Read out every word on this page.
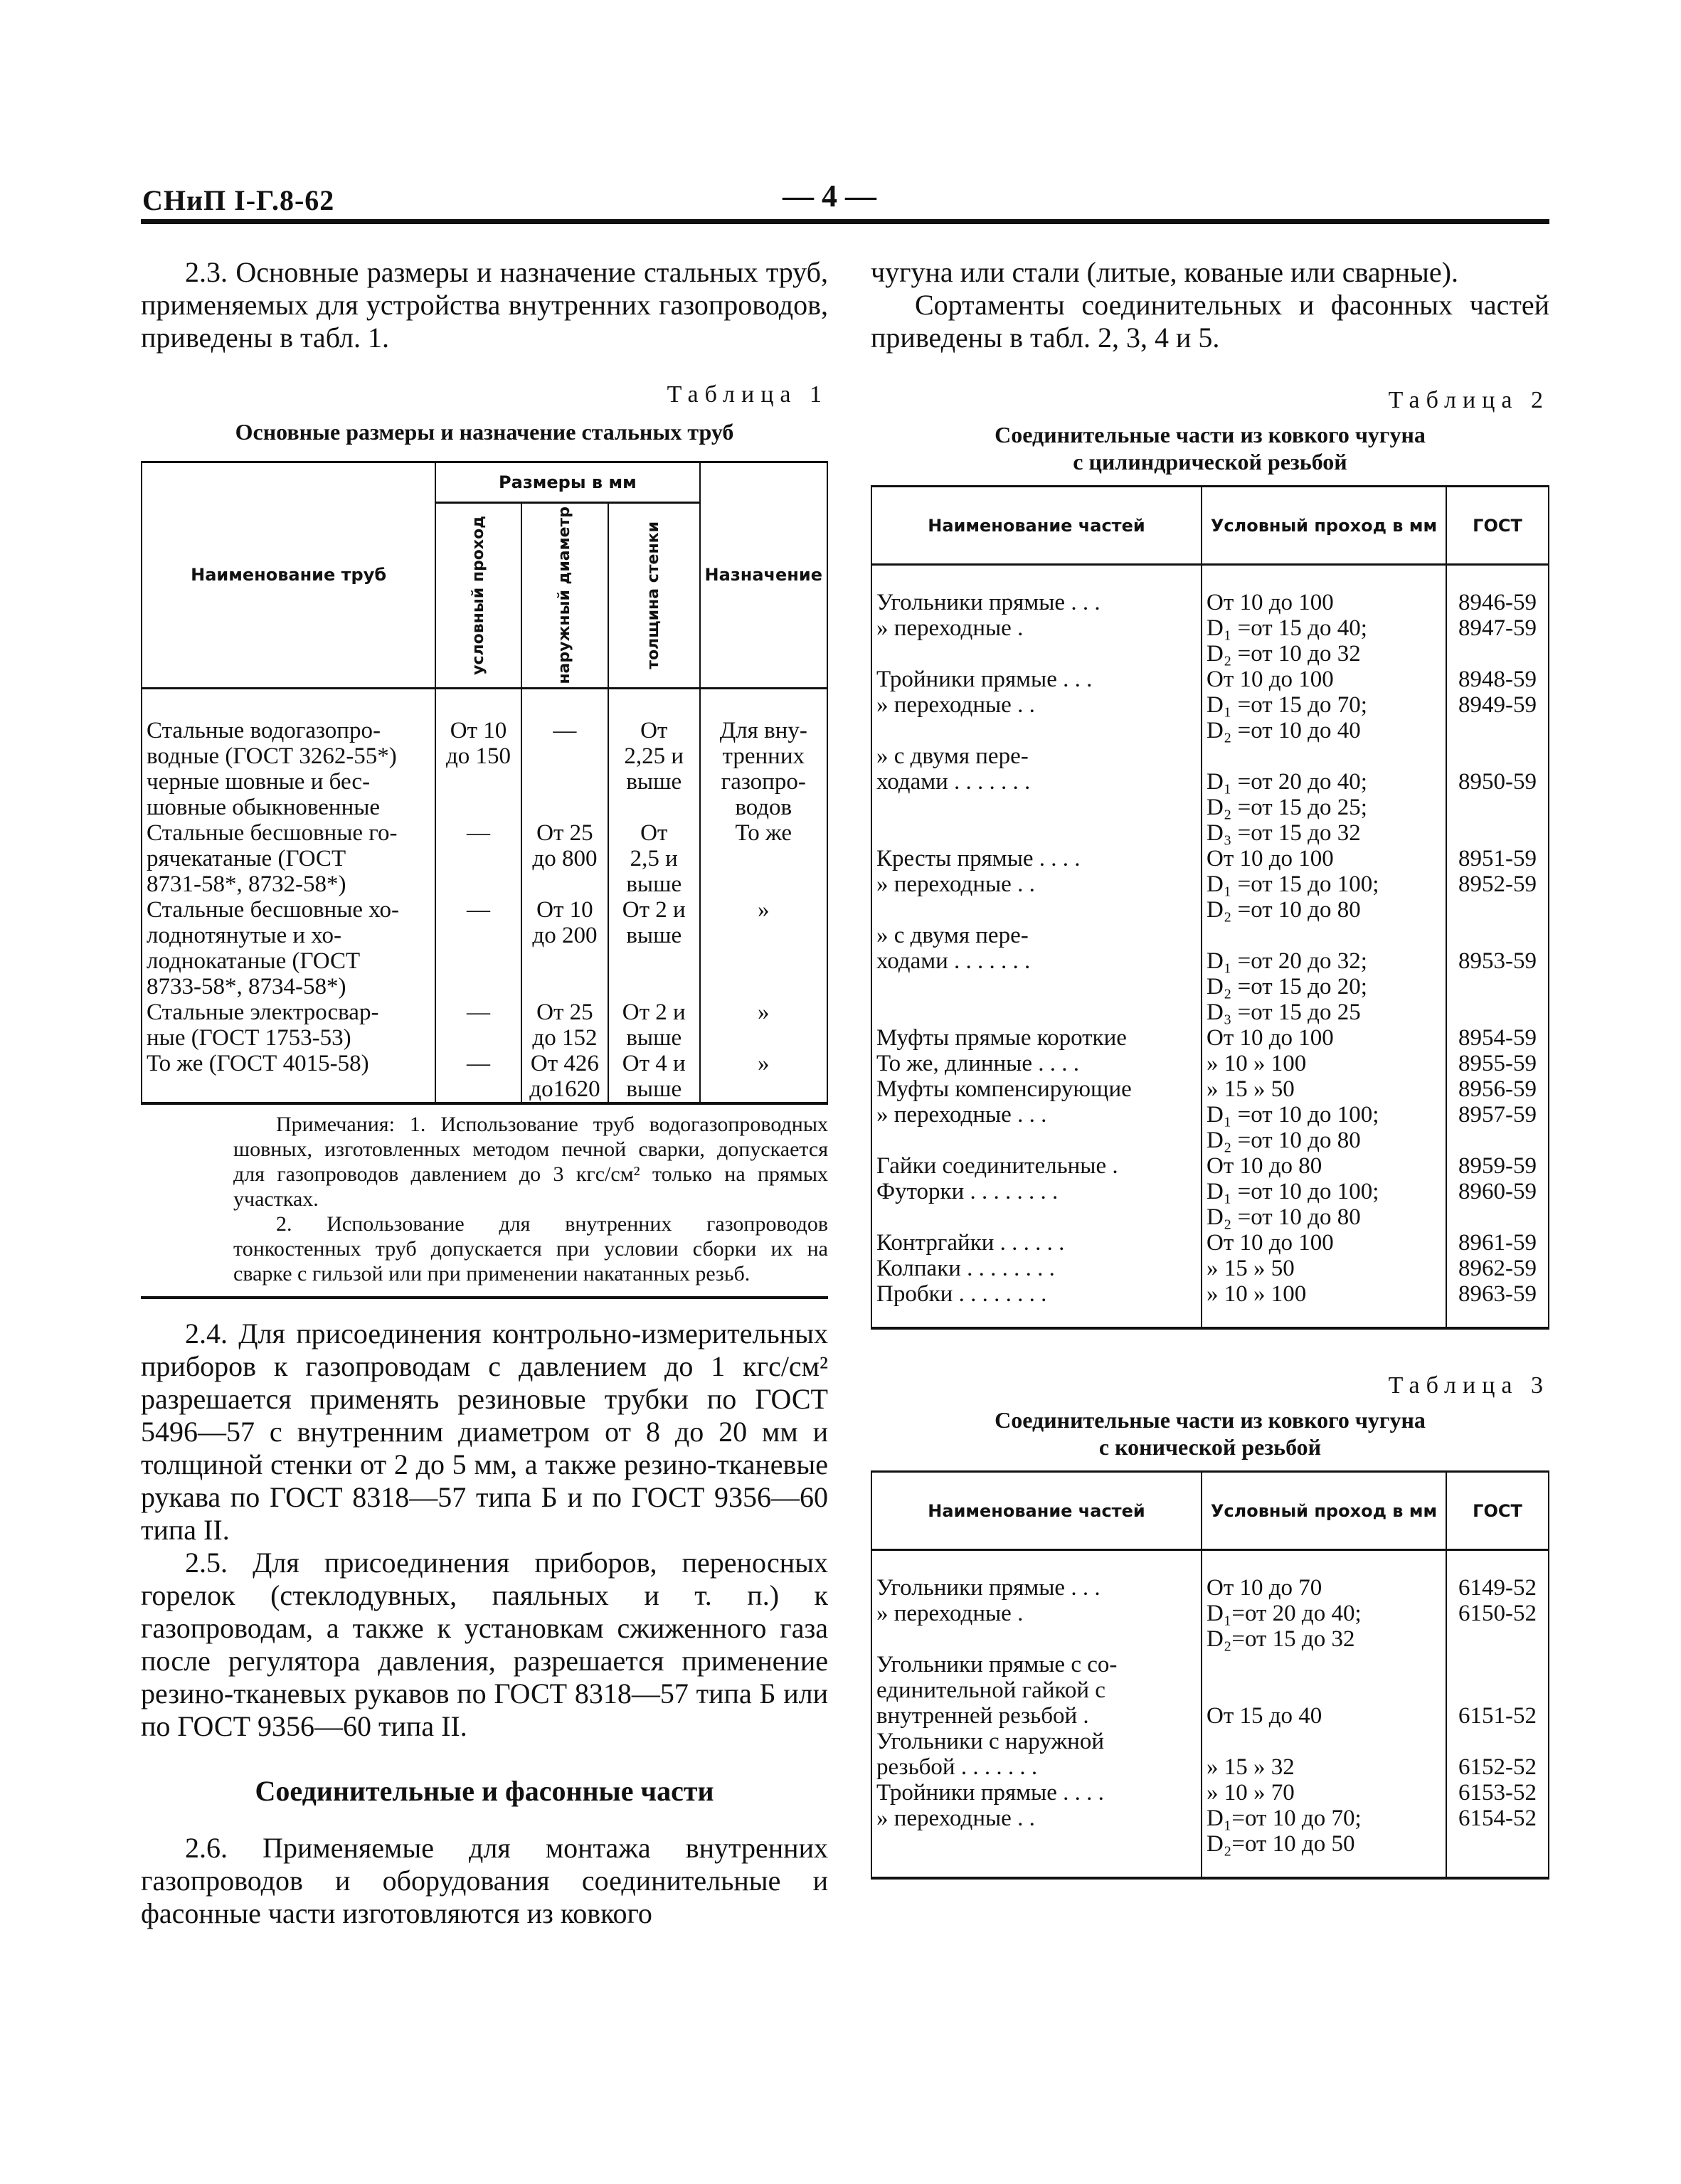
СНиП І-Г.8-62	— 4 —

2.3. Основные размеры и назначение стальных труб, применяемых для устройства внутренних газопроводов, приведены в табл. 1.

Таблица 1
Основные размеры и назначение стальных труб
Наименование труб	Размеры в мм			Назначение

	условный проход	наружный диаметр	толщина стенки	

Стальные водогазопро-
водные (ГОСТ 3262-55*)
черные шовные и бес-
шовные обыкновенные	От 10
до 150	—	От
2,25 и
выше	Для вну-
тренних
газопро-
водов

Стальные бесшовные го-
рячекатаные (ГОСТ
8731-58*, 8732-58*)	—	От 25
до 800	От
2,5 и
выше	То же

Стальные бесшовные хо-
лоднотянутые и хо-
лоднокатаные (ГОСТ
8733-58*, 8734-58*)	—	От 10
до 200	От 2 и
выше	»

Стальные электросвар-
ные (ГОСТ 1753-53)	—	От 25
до 152	От 2 и
выше	»

То же (ГОСТ 4015-58)	—	От 426
до1620	От 4 и
выше	»

Примечания: 1. Использование труб водогазопроводных шовных, изготовленных методом печной сварки, допускается для газопроводов давлением до 3 кгс/см² только на прямых участках.

2. Использование для внутренних газопроводов тонкостенных труб допускается при условии сборки их на сварке с гильзой или при применении накатанных резьб.

2.4. Для присоединения контрольно-измерительных приборов к газопроводам с давлением до 1 кгс/см² разрешается применять резиновые трубки по ГОСТ 5496—57 с внутренним диаметром от 8 до 20 мм и толщиной стенки от 2 до 5 мм, а также резино-тканевые рукава по ГОСТ 8318—57 типа Б и по ГОСТ 9356—60 типа II.

2.5. Для присоединения приборов, переносных горелок (стеклодувных, паяльных и т. п.) к газопроводам, а также к установкам сжиженного газа после регулятора давления, разрешается применение резино-тканевых рукавов по ГОСТ 8318—57 типа Б или по ГОСТ 9356—60 типа II.

Соединительные и фасонные части

2.6. Применяемые для монтажа внутренних газопроводов и оборудования соединительные и фасонные части изготовляются из ковкого

чугуна или стали (литые, кованые или сварные).

Сортаменты соединительных и фасонных частей приведены в табл. 2, 3, 4 и 5.

Таблица 2
Соединительные части из ковкого чугуна
с цилиндрической резьбой
Наименование частей	Условный проход в мм	ГОСТ

Угольники прямые . . .	От 10 до 100	8946-59

» переходные .	D₁ =от 15 до 40;
D₂ =от 10 до 32	8947-59

Тройники прямые . . .	От 10 до 100	8948-59

» переходные . .	D₁ =от 15 до 70;
D₂ =от 10 до 40	8949-59

» с двумя пере-
ходами . . . . . . .	D₁ =от 20 до 40;
D₂ =от 15 до 25;
D₃ =от 15 до 32	8950-59

Кресты прямые . . . .	От 10 до 100	8951-59

» переходные . .	D₁ =от 15 до 100;
D₂ =от 10 до 80	8952-59

» с двумя пере-
ходами . . . . . . .	D₁ =от 20 до 32;
D₂ =от 15 до 20;
D₃ =от 15 до 25	8953-59

Муфты прямые короткие	От 10 до 100	8954-59

То же, длинные . . . .	» 10 » 100	8955-59

Муфты компенсирующие	» 15 » 50	8956-59

» переходные . . .	D₁ =от 10 до 100;
D₂ =от 10 до 80	8957-59

Гайки соединительные .	От 10 до 80	8959-59

Футорки . . . . . . . .	D₁ =от 10 до 100;
D₂ =от 10 до 80	8960-59

Контргайки . . . . . .	От 10 до 100	8961-59

Колпаки . . . . . . . .	» 15 » 50	8962-59

Пробки . . . . . . . .	» 10 » 100	8963-59

Таблица 3
Соединительные части из ковкого чугуна
с конической резьбой
Наименование частей	Условный проход в мм	ГОСТ

Угольники прямые . . .	От 10 до 70	6149-52

» переходные .	D₁=от 20 до 40;
D₂=от 15 до 32	6150-52

Угольники прямые с со-
единительной гайкой с
внутренней резьбой .	От 15 до 40	6151-52

Угольники с наружной
резьбой . . . . . . .	» 15 » 32	6152-52

Тройники прямые . . . .	» 10 » 70	6153-52

» переходные . .	D₁=от 10 до 70;
D₂=от 10 до 50	6154-52
